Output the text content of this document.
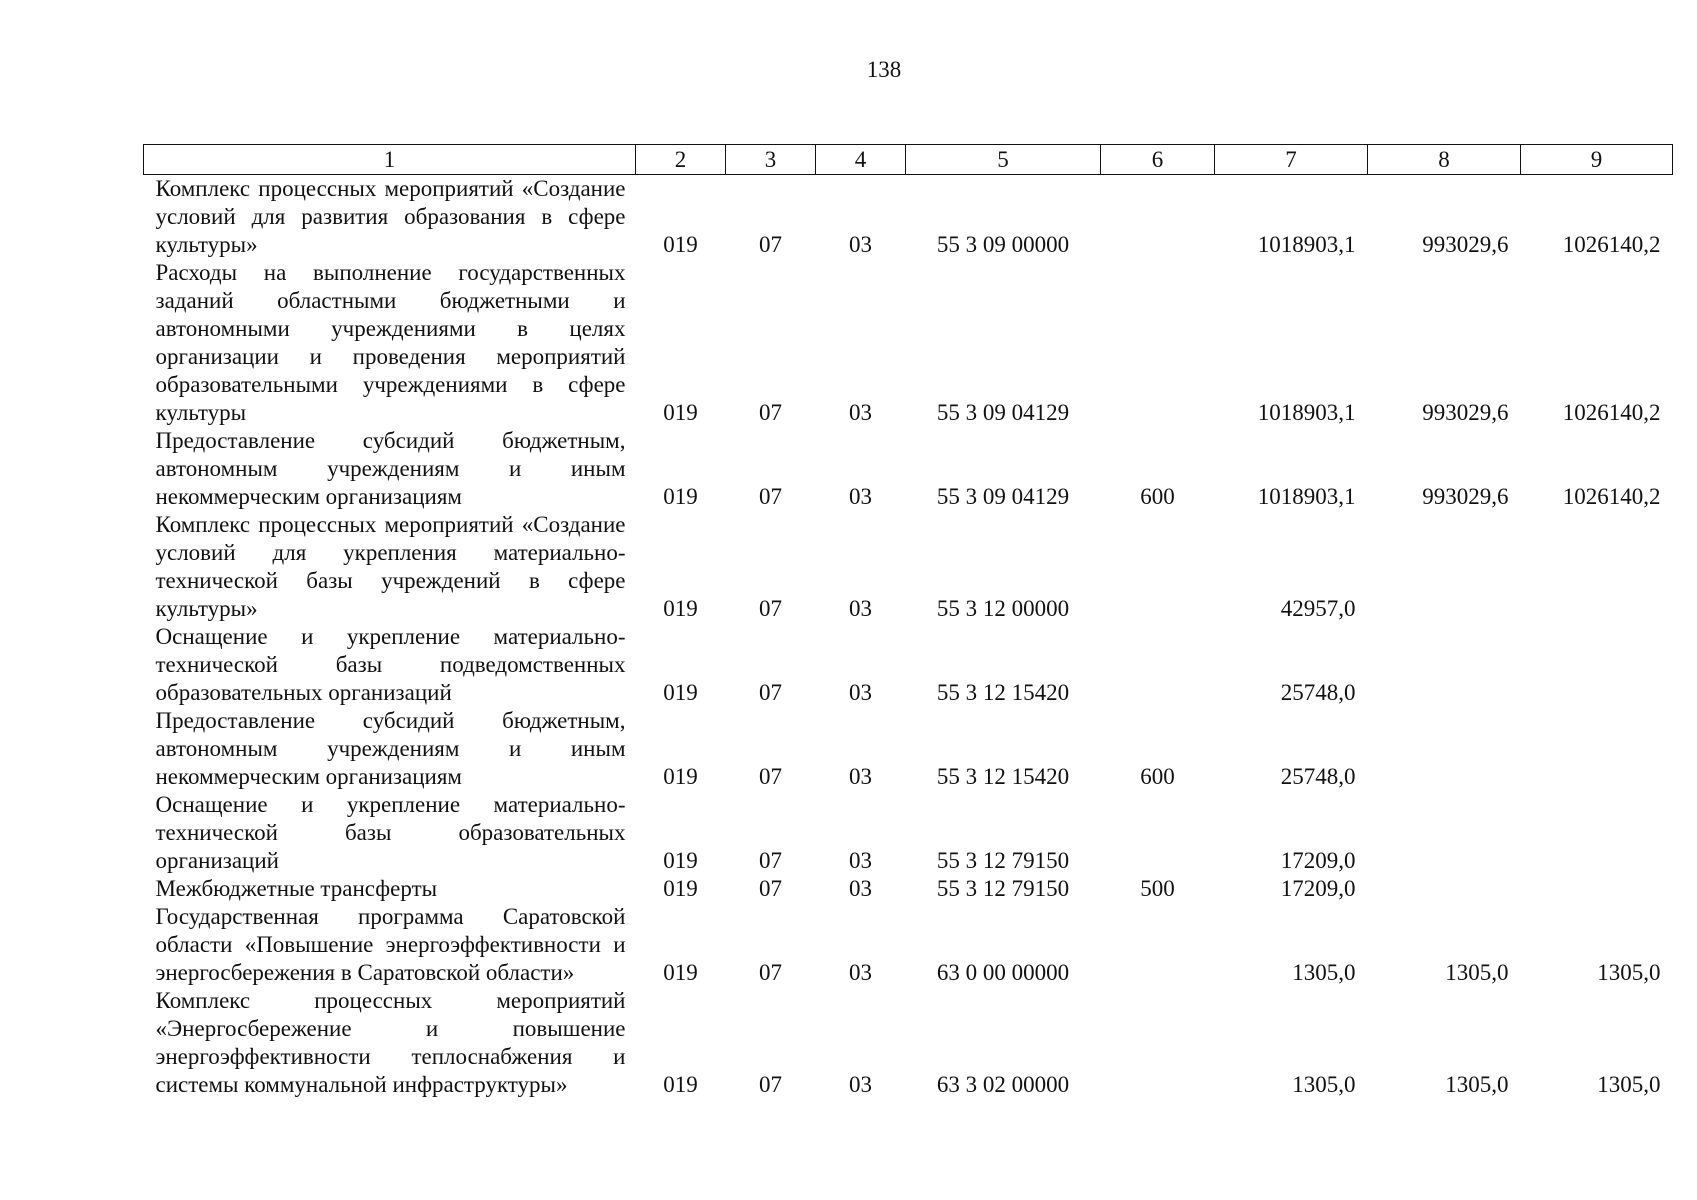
138
1	2	3	4	5	6	7	8	9
Комплекс процессных мероприятий «Создание условий для развития образования в сфере культуры»	019	07	03	55 3 09 00000		1018903,1	993029,6	1026140,2
Расходы на выполнение государственных заданий областными бюджетными и автономными учреждениями в целях организации и проведения мероприятий образовательными учреждениями в сфере культуры	019	07	03	55 3 09 04129		1018903,1	993029,6	1026140,2
Предоставление субсидий бюджетным, автономным учреждениям и иным некоммерческим организациям	019	07	03	55 3 09 04129	600	1018903,1	993029,6	1026140,2
Комплекс процессных мероприятий «Создание условий для укрепления материально-технической базы учреждений в сфере культуры»	019	07	03	55 3 12 00000		42957,0		
Оснащение и укрепление материально-технической базы подведомственных образовательных организаций	019	07	03	55 3 12 15420		25748,0		
Предоставление субсидий бюджетным, автономным учреждениям и иным некоммерческим организациям	019	07	03	55 3 12 15420	600	25748,0		
Оснащение и укрепление материально-технической базы образовательных организаций	019	07	03	55 3 12 79150		17209,0		
Межбюджетные трансферты	019	07	03	55 3 12 79150	500	17209,0		
Государственная программа Саратовской области «Повышение энергоэффективности и энергосбережения в Саратовской области»	019	07	03	63 0 00 00000		1305,0	1305,0	1305,0
Комплекс процессных мероприятий «Энергосбережение и повышение энергоэффективности теплоснабжения и системы коммунальной инфраструктуры»	019	07	03	63 3 02 00000		1305,0	1305,0	1305,0
